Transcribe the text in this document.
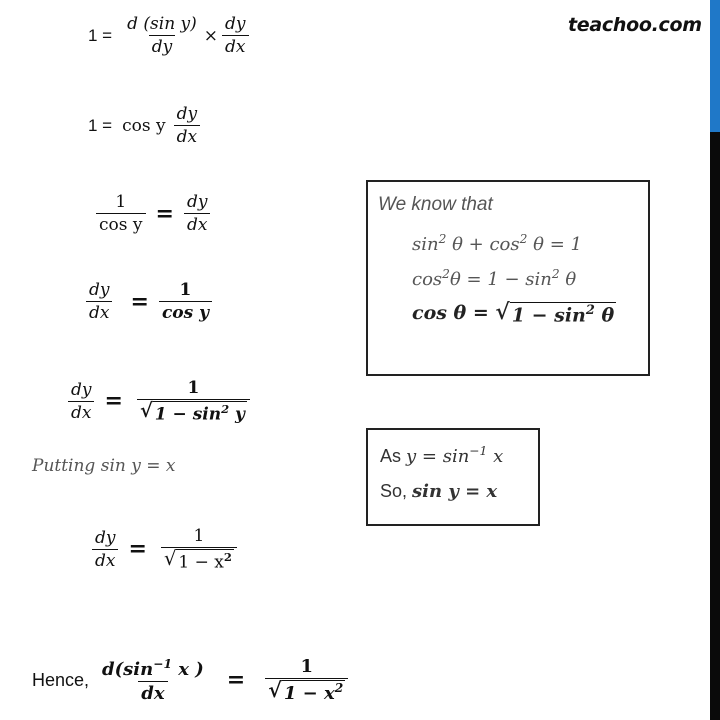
teachoo.com
$1 = \frac{\text{d (sin y)}}{dy} \times \frac{dy}{dx}$
1 = cos y $\frac{dy}{dx}$
$\frac{1}{\text{cos y}} = \frac{dy}{dx}$
$\frac{dy}{dx} = \frac{1}{\text{cos y}}$
$\frac{dy}{dx} = \frac{1}{√ 1 - \sin^2 y}$
Putting sin y = x
$\frac{dy}{dx} = \frac{1}{√ 1 - x^2}$
Hence, $\frac{d(\sin^{-1} x )}{dx} = \frac{1}{√ 1 - x^2}$
We know that
$\sin^2 \theta + \cos^2 \theta = 1$
$\cos^2\theta = 1 - \sin^2 \theta$
cos θ = √ $1 - \sin^2 \theta$
As $y = \sin^{-1} x$
So, sin y = x
